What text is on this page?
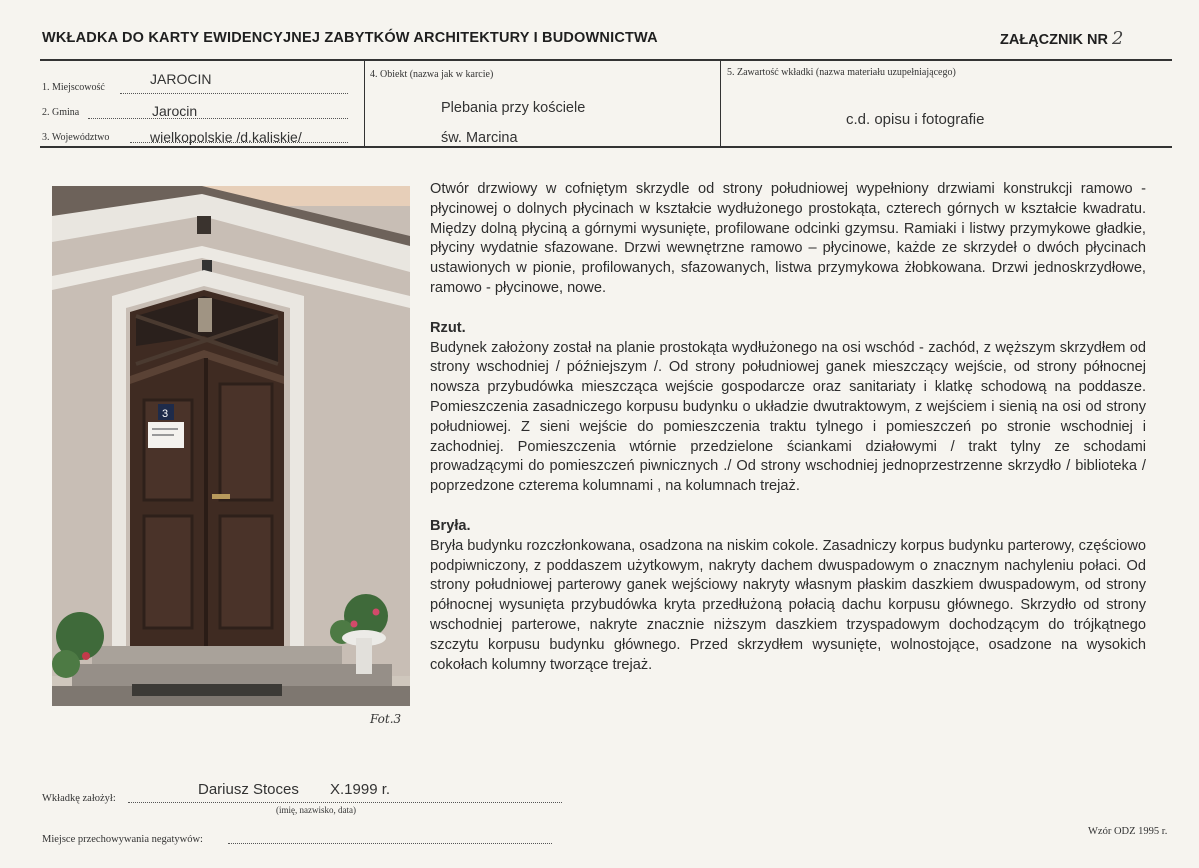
WKŁADKA DO KARTY EWIDENCYJNEJ ZABYTKÓW ARCHITEKTURY I BUDOWNICTWA	ZAŁĄCZNIK NR 2
1. Miejscowość
JAROCIN
2. Gmina	Jarocin
3. Województwo	wielkopolskie /d.kaliskie/
4. Obiekt (nazwa jak w karcie)
Plebania przy kościele
św. Marcina
5. Zawartość wkładki (nazwa materiału uzupełniającego)
c.d. opisu i fotografie
3
Fot.3

Otwór drzwiowy w cofniętym skrzydle od strony południowej wypełniony drzwiami konstrukcji ramowo - płycinowej o dolnych płycinach w kształcie wydłużonego prostokąta, czterech górnych w kształcie kwadratu. Między dolną płyciną a górnymi wysunięte, profilowane odcinki gzymsu. Ramiaki i listwy przymykowe gładkie, płyciny wydatnie sfazowane. Drzwi wewnętrzne ramowo – płycinowe, każde ze skrzydeł o dwóch płycinach ustawionych w pionie, profilowanych, sfazowanych, listwa przymykowa żłobkowana. Drzwi jednoskrzydłowe, ramowo - płycinowe, nowe.

Rzut.

Budynek założony został na planie prostokąta wydłużonego na osi wschód - zachód, z węższym skrzydłem od strony wschodniej / późniejszym /. Od strony południowej ganek mieszczący wejście, od strony północnej nowsza przybudówka mieszcząca wejście gospodarcze oraz sanitariaty i klatkę schodową na poddasze. Pomieszczenia zasadniczego korpusu budynku o układzie dwutraktowym, z wejściem i sienią na osi od strony południowej. Z sieni wejście do pomieszczenia traktu tylnego i pomieszczeń po stronie wschodniej i zachodniej. Pomieszczenia wtórnie przedzielone ściankami działowymi / trakt tylny ze schodami prowadzącymi do pomieszczeń piwnicznych ./ Od strony wschodniej jednoprzestrzenne skrzydło / biblioteka / poprzedzone czterema kolumnami , na kolumnach trejaż.

Bryła.

Bryła budynku rozczłonkowana, osadzona na niskim cokole. Zasadniczy korpus budynku parterowy, częściowo podpiwniczony, z poddaszem użytkowym, nakryty dachem dwuspadowym o znacznym nachyleniu połaci. Od strony południowej parterowy ganek wejściowy nakryty własnym płaskim daszkiem dwuspadowym, od strony północnej wysunięta przybudówka kryta przedłużoną połacią dachu korpusu głównego. Skrzydło od strony wschodniej parterowe, nakryte znacznie niższym daszkiem trzyspadowym dochodzącym do trójkątnego szczytu korpusu budynku głównego. Przed skrzydłem wysunięte, wolnostojące, osadzone na wysokich cokołach kolumny tworzące trejaż.

Wkładkę założył:
Dariusz Stoces X.1999 r.
(imię, nazwisko, data)
Miejsce przechowywania negatywów:
Wzór ODZ 1995 r.
